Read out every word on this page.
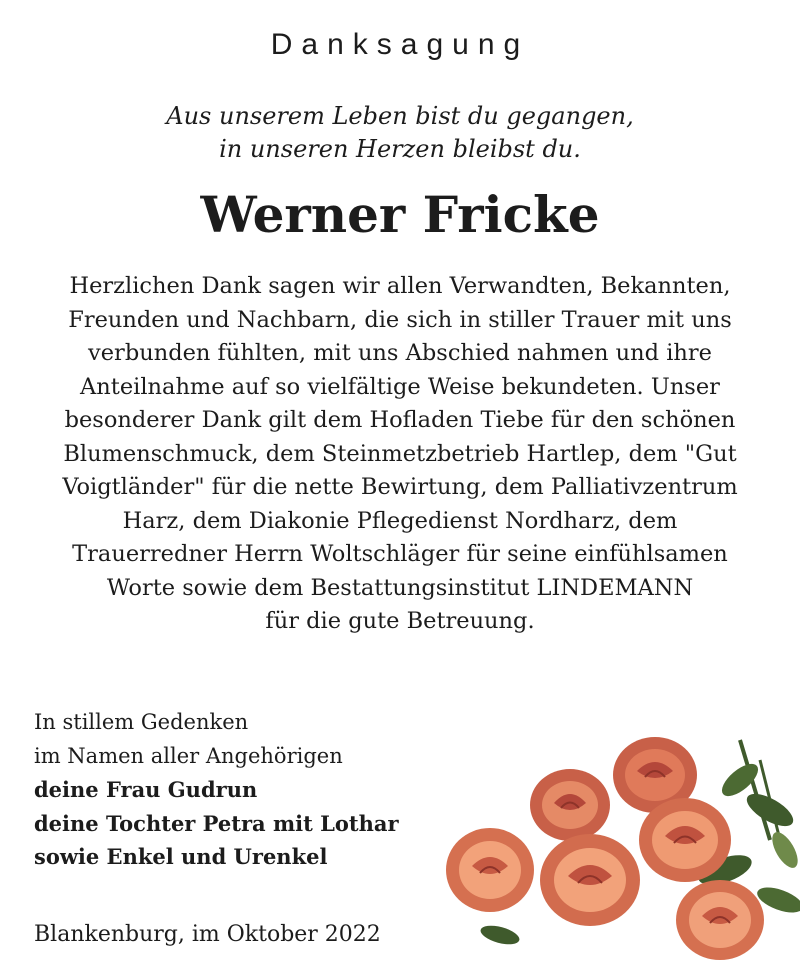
Danksagung
Aus unserem Leben bist du gegangen,
in unseren Herzen bleibst du.
Werner Fricke
Herzlichen Dank sagen wir allen Verwandten, Bekannten,
Freunden und Nachbarn, die sich in stiller Trauer mit uns
verbunden fühlten, mit uns Abschied nahmen und ihre
Anteilnahme auf so vielfältige Weise bekundeten. Unser
besonderer Dank gilt dem Hofladen Tiebe für den schönen
Blumenschmuck, dem Steinmetzbetrieb Hartlep, dem "Gut
Voigtländer" für die nette Bewirtung, dem Palliativzentrum
Harz, dem Diakonie Pflegedienst Nordharz, dem
Trauerredner Herrn Woltschläger für seine einfühlsamen
Worte sowie dem Bestattungsinstitut LINDEMANN
für die gute Betreuung.
In stillem Gedenken
im Namen aller Angehörigen
deine Frau Gudrun
deine Tochter Petra mit Lothar
sowie Enkel und Urenkel
Blankenburg, im Oktober 2022
